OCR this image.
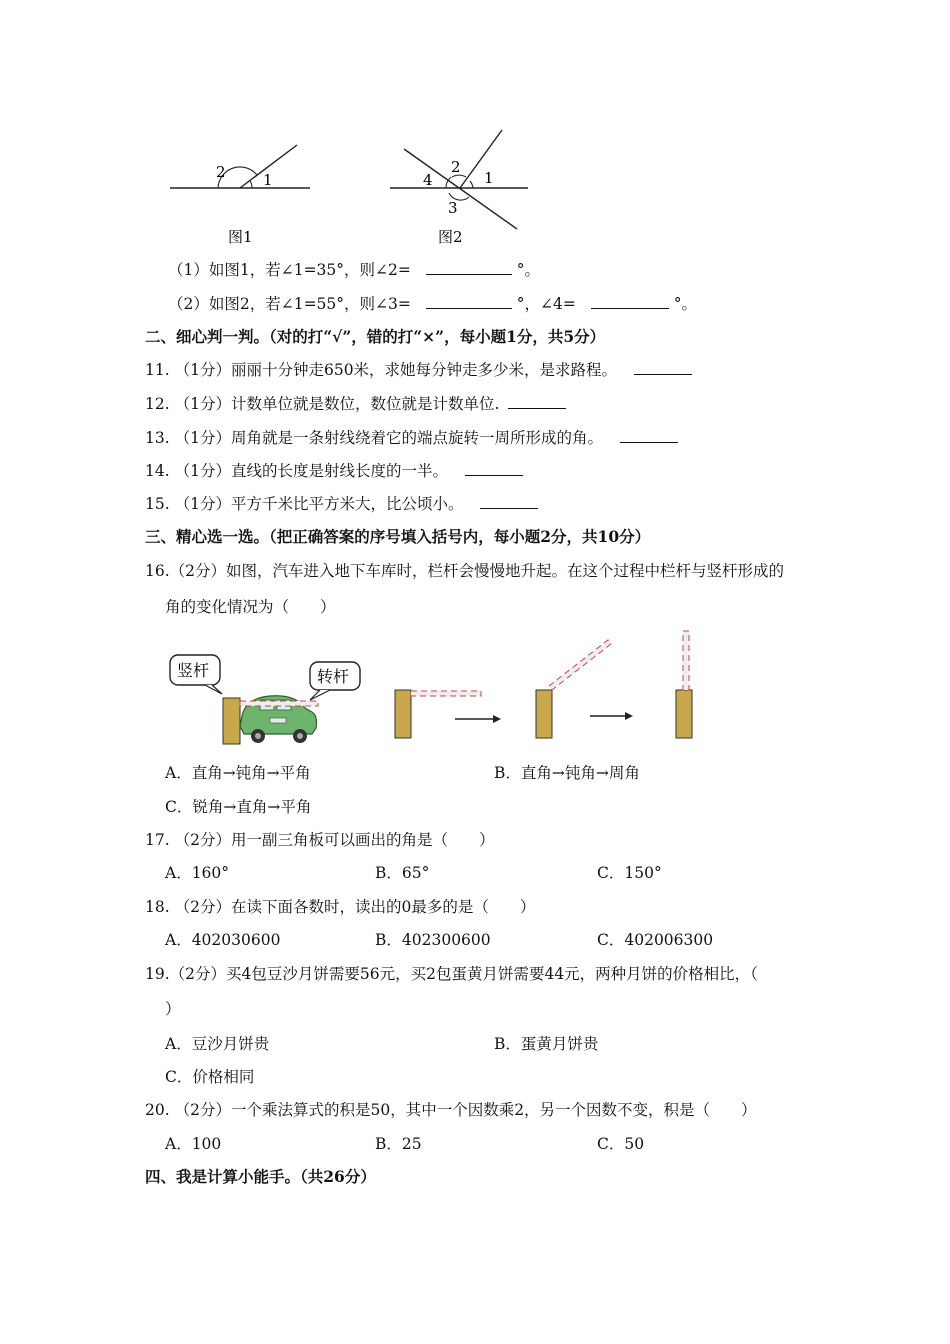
2 1
图1
2
1
4
3
图2
（1）如图1，若∠1=35°，则∠2=	°。
（2）如图2，若∠1=55°，则∠3=	°，∠4=	°。
二、细心判一判。（对的打“√”，错的打“×”，每小题1分，共5分）
11. （1分）丽丽十分钟走650米，求她每分钟走多少米，是求路程。
12. （1分）计数单位就是数位，数位就是计数单位.
13. （1分）周角就是一条射线绕着它的端点旋转一周所形成的角。
14. （1分）直线的长度是射线长度的一半。
15. （1分）平方千米比平方米大，比公顷小。
三、精心选一选。（把正确答案的序号填入括号内，每小题2分，共10分）
16.（2分）如图，汽车进入地下车库时，栏杆会慢慢地升起。在这个过程中栏杆与竖杆形成的
角的变化情况为（　　）
竖杆	转杆
A．直角→钝角→平角	B．直角→钝角→周角
C．锐角→直角→平角
17. （2分）用一副三角板可以画出的角是（　　）
A．160°	B．65°	C．150°
18. （2分）在读下面各数时，读出的0最多的是（　　）
A．402030600	B．402300600	C．402006300
19.（2分）买4包豆沙月饼需要56元，买2包蛋黄月饼需要44元，两种月饼的价格相比，（
）
A．豆沙月饼贵	B．蛋黄月饼贵
C．价格相同
20. （2分）一个乘法算式的积是50，其中一个因数乘2，另一个因数不变，积是（　　）
A．100	B．25	C．50
四、我是计算小能手。（共26分）
